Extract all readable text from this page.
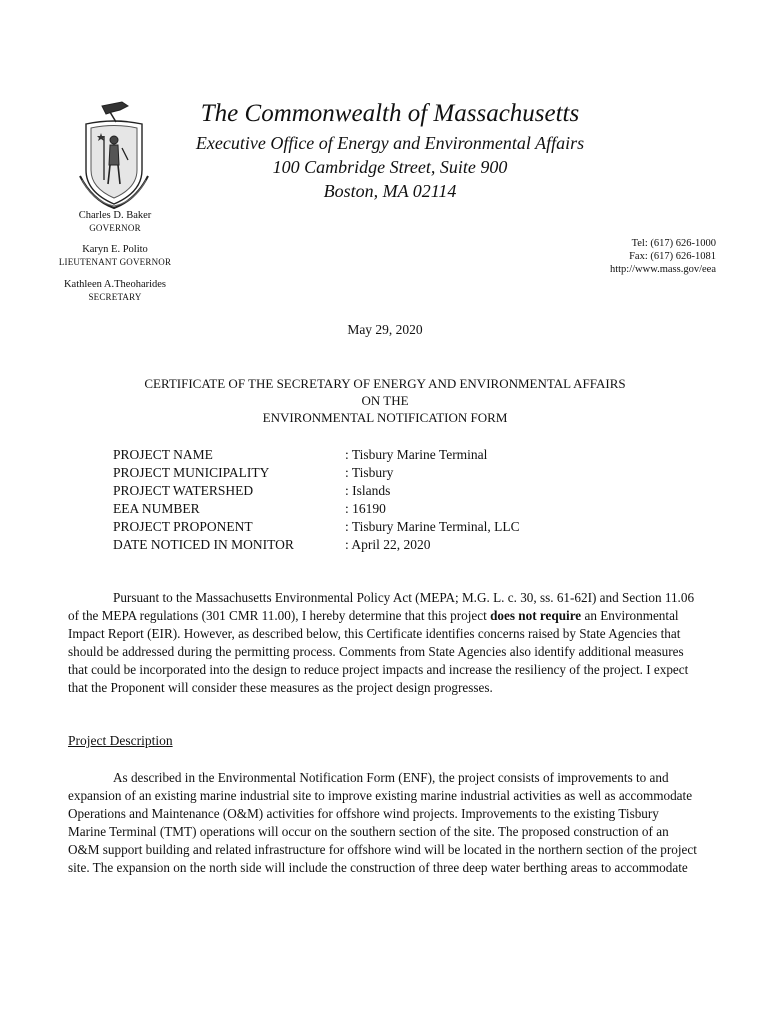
The Commonwealth of Massachusetts
Executive Office of Energy and Environmental Affairs
100 Cambridge Street, Suite 900
Boston, MA 02114
Charles D. Baker
GOVERNOR
Karyn E. Polito
LIEUTENANT GOVERNOR
Kathleen A.Theoharides
SECRETARY
Tel: (617) 626-1000
Fax: (617) 626-1081
http://www.mass.gov/eea
May 29, 2020
CERTIFICATE OF THE SECRETARY OF ENERGY AND ENVIRONMENTAL AFFAIRS
ON THE
ENVIRONMENTAL NOTIFICATION FORM
PROJECT NAME	: Tisbury Marine Terminal
PROJECT MUNICIPALITY	: Tisbury
PROJECT WATERSHED	: Islands
EEA NUMBER	: 16190
PROJECT PROPONENT	: Tisbury Marine Terminal, LLC
DATE NOTICED IN MONITOR	: April 22, 2020
Pursuant to the Massachusetts Environmental Policy Act (MEPA; M.G. L. c. 30, ss. 61-62I) and Section 11.06 of the MEPA regulations (301 CMR 11.00), I hereby determine that this project does not require an Environmental Impact Report (EIR). However, as described below, this Certificate identifies concerns raised by State Agencies that should be addressed during the permitting process. Comments from State Agencies also identify additional measures that could be incorporated into the design to reduce project impacts and increase the resiliency of the project. I expect that the Proponent will consider these measures as the project design progresses.
Project Description
As described in the Environmental Notification Form (ENF), the project consists of improvements to and expansion of an existing marine industrial site to improve existing marine industrial activities as well as accommodate Operations and Maintenance (O&M) activities for offshore wind projects. Improvements to the existing Tisbury Marine Terminal (TMT) operations will occur on the southern section of the site. The proposed construction of an O&M support building and related infrastructure for offshore wind will be located in the northern section of the project site. The expansion on the north side will include the construction of three deep water berthing areas to accommodate
